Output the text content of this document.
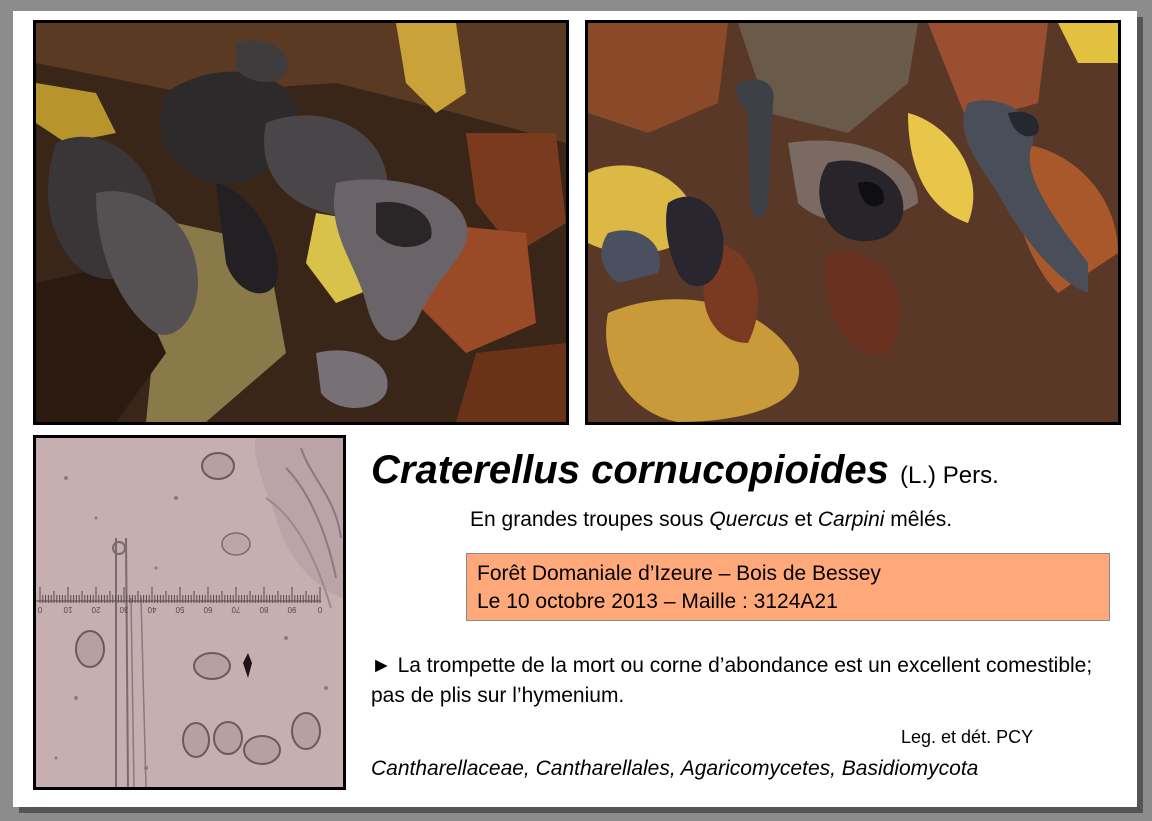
0	10 20 30 40 50 60 70 80 90	0
Craterellus cornucopioides (L.) Pers.
En grandes troupes sous Quercus et Carpini mêlés.
Forêt Domaniale d’Izeure – Bois de Bessey
Le 10 octobre 2013 – Maille : 3124A21
► La trompette de la mort ou corne d’abondance est un excellent comestible; pas de plis sur l’hymenium.
Leg. et dét. PCY
Cantharellaceae, Cantharellales, Agaricomycetes, Basidiomycota
